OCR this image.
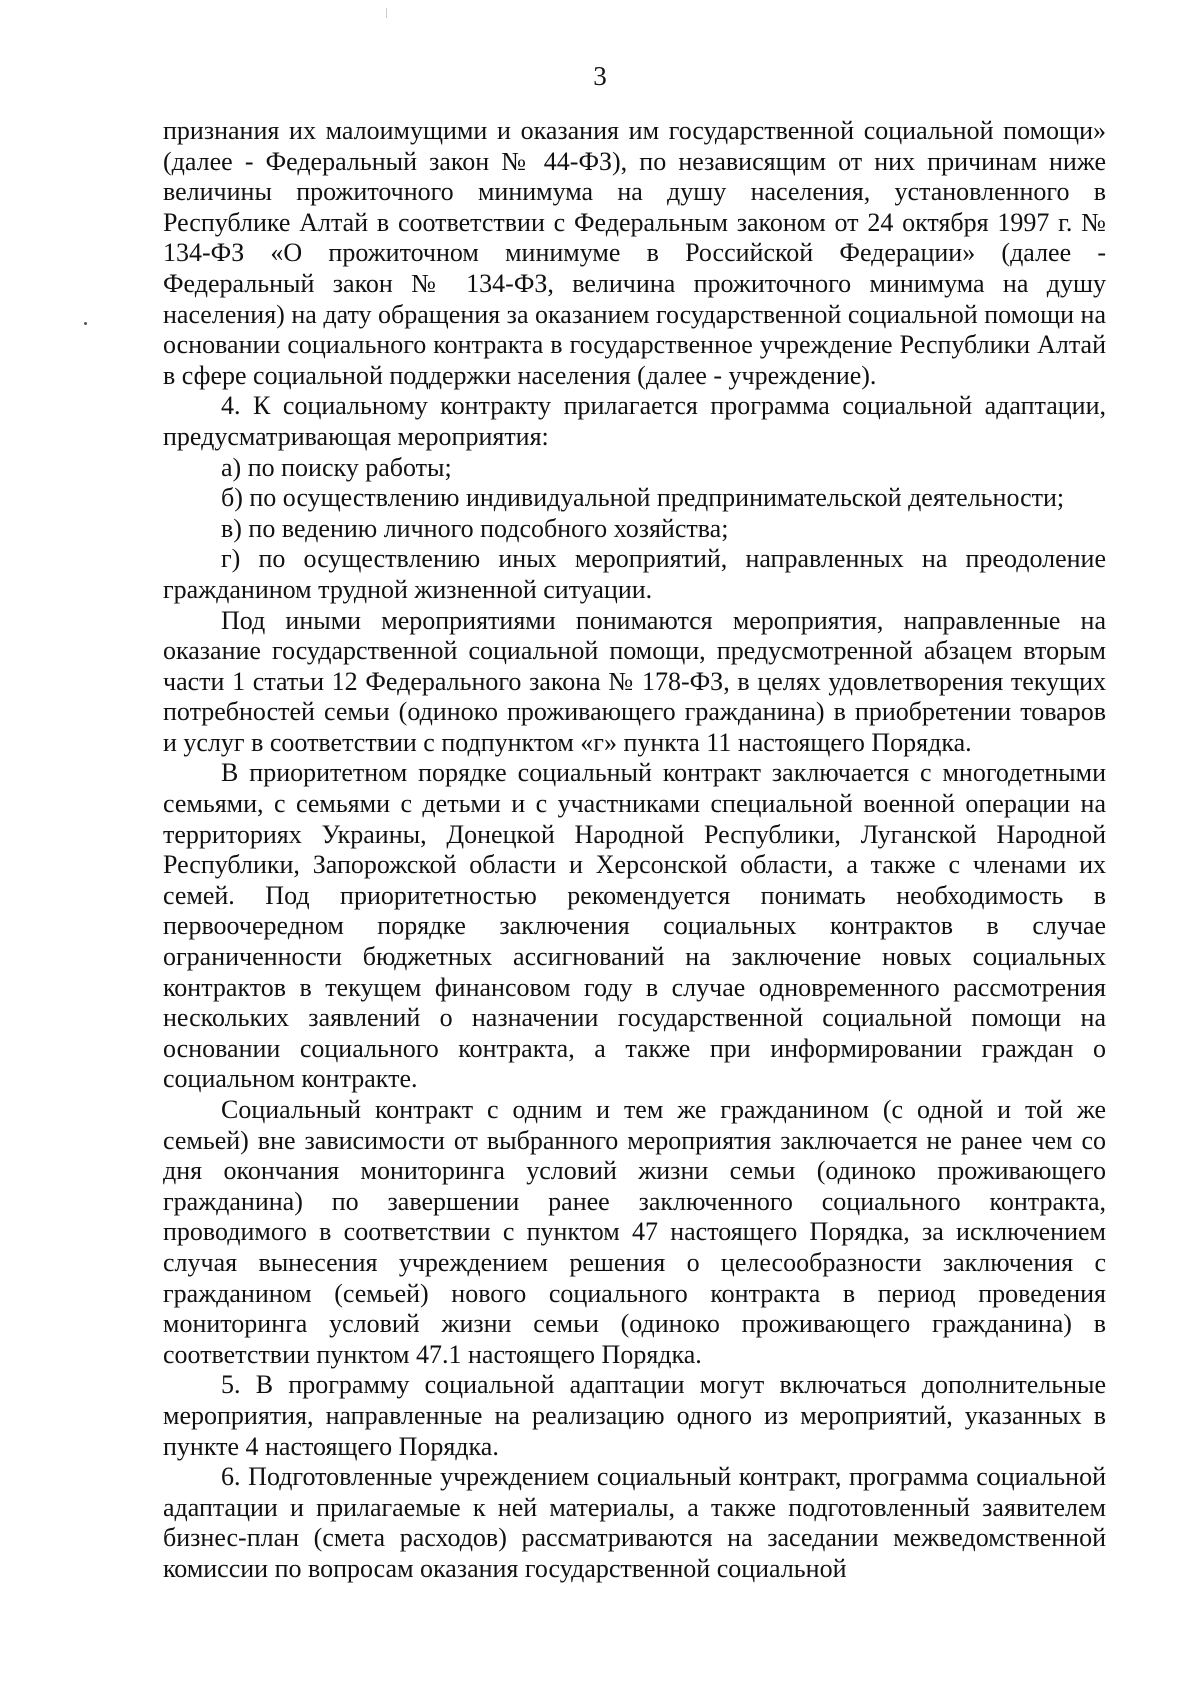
3

признания их малоимущими и оказания им государственной социальной помощи» (далее - Федеральный закон № 44-ФЗ), по независящим от них причинам ниже величины прожиточного минимума на душу населения, установленного в Республике Алтай в соответствии с Федеральным законом от 24 октября 1997 г. № 134-ФЗ «О прожиточном минимуме в Российской Федерации» (далее - Федеральный закон № 134-ФЗ, величина прожиточного минимума на душу населения) на дату обращения за оказанием государственной социальной помощи на основании социального контракта в государственное учреждение Республики Алтай в сфере социальной поддержки населения (далее - учреждение).

4. К социальному контракту прилагается программа социальной адаптации, предусматривающая мероприятия:

а) по поиску работы;

б) по осуществлению индивидуальной предпринимательской деятельности;

в) по ведению личного подсобного хозяйства;

г) по осуществлению иных мероприятий, направленных на преодоление гражданином трудной жизненной ситуации.

Под иными мероприятиями понимаются мероприятия, направленные на оказание государственной социальной помощи, предусмотренной абзацем вторым части 1 статьи 12 Федерального закона № 178-ФЗ, в целях удовлетворения текущих потребностей семьи (одиноко проживающего гражданина) в приобретении товаров и услуг в соответствии с подпунктом «г» пункта 11 настоящего Порядка.

В приоритетном порядке социальный контракт заключается с многодетными семьями, с семьями с детьми и с участниками специальной военной операции на территориях Украины, Донецкой Народной Республики, Луганской Народной Республики, Запорожской области и Херсонской области, а также с членами их семей. Под приоритетностью рекомендуется понимать необходимость в первоочередном порядке заключения социальных контрактов в случае ограниченности бюджетных ассигнований на заключение новых социальных контрактов в текущем финансовом году в случае одновременного рассмотрения нескольких заявлений о назначении государственной социальной помощи на основании социального контракта, а также при информировании граждан о социальном контракте.

Социальный контракт с одним и тем же гражданином (с одной и той же семьей) вне зависимости от выбранного мероприятия заключается не ранее чем со дня окончания мониторинга условий жизни семьи (одиноко проживающего гражданина) по завершении ранее заключенного социального контракта, проводимого в соответствии с пунктом 47 настоящего Порядка, за исключением случая вынесения учреждением решения о целесообразности заключения с гражданином (семьей) нового социального контракта в период проведения мониторинга условий жизни семьи (одиноко проживающего гражданина) в соответствии пунктом 47.1 настоящего Порядка.

5. В программу социальной адаптации могут включаться дополнительные мероприятия, направленные на реализацию одного из мероприятий, указанных в пункте 4 настоящего Порядка.

6. Подготовленные учреждением социальный контракт, программа социальной адаптации и прилагаемые к ней материалы, а также подготовленный заявителем бизнес-план (смета расходов) рассматриваются на заседании межведомственной комиссии по вопросам оказания государственной социальной
